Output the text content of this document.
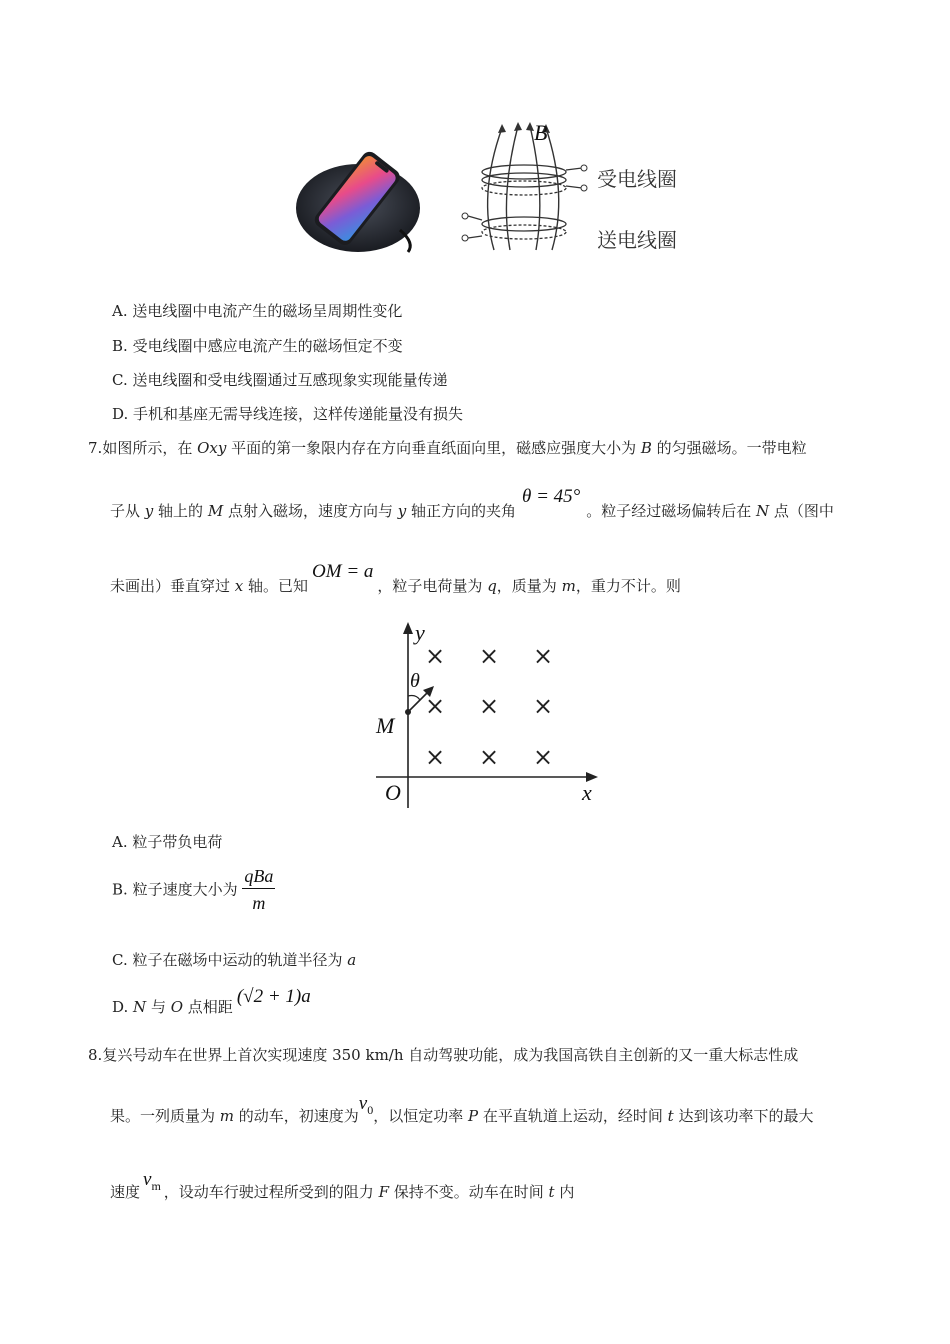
B
受电线圈
送电线圈
A. 送电线圈中电流产生的磁场呈周期性变化
B. 受电线圈中感应电流产生的磁场恒定不变
C. 送电线圈和受电线圈通过互感现象实现能量传递
D. 手机和基座无需导线连接，这样传递能量没有损失
7.如图所示，在 Oxy 平面的第一象限内存在方向垂直纸面向里，磁感应强度大小为 B 的匀强磁场。一带电粒
子从 y 轴上的 M 点射入磁场，速度方向与 y 轴正方向的夹角θ = 45°。粒子经过磁场偏转后在 N 点（图中
未画出）垂直穿过 x 轴。已知OM = a，粒子电荷量为 q，质量为 m，重力不计。则
y
x
O
M
θ
× × ×
× × ×
× × ×
A. 粒子带负电荷
B. 粒子速度大小为 $\frac{\text{qBa}}{m}$
C. 粒子在磁场中运动的轨道半径为 a
D. N 与 O 点相距 (√2 + 1)a
8.复兴号动车在世界上首次实现速度 350 km/h 自动驾驶功能，成为我国高铁自主创新的又一重大标志性成
果。一列质量为 m 的动车，初速度为$v_0$，以恒定功率 P 在平直轨道上运动，经时间 t 达到该功率下的最大
速度$v_m$ ，设动车行驶过程所受到的阻力 F 保持不变。动车在时间 t 内
